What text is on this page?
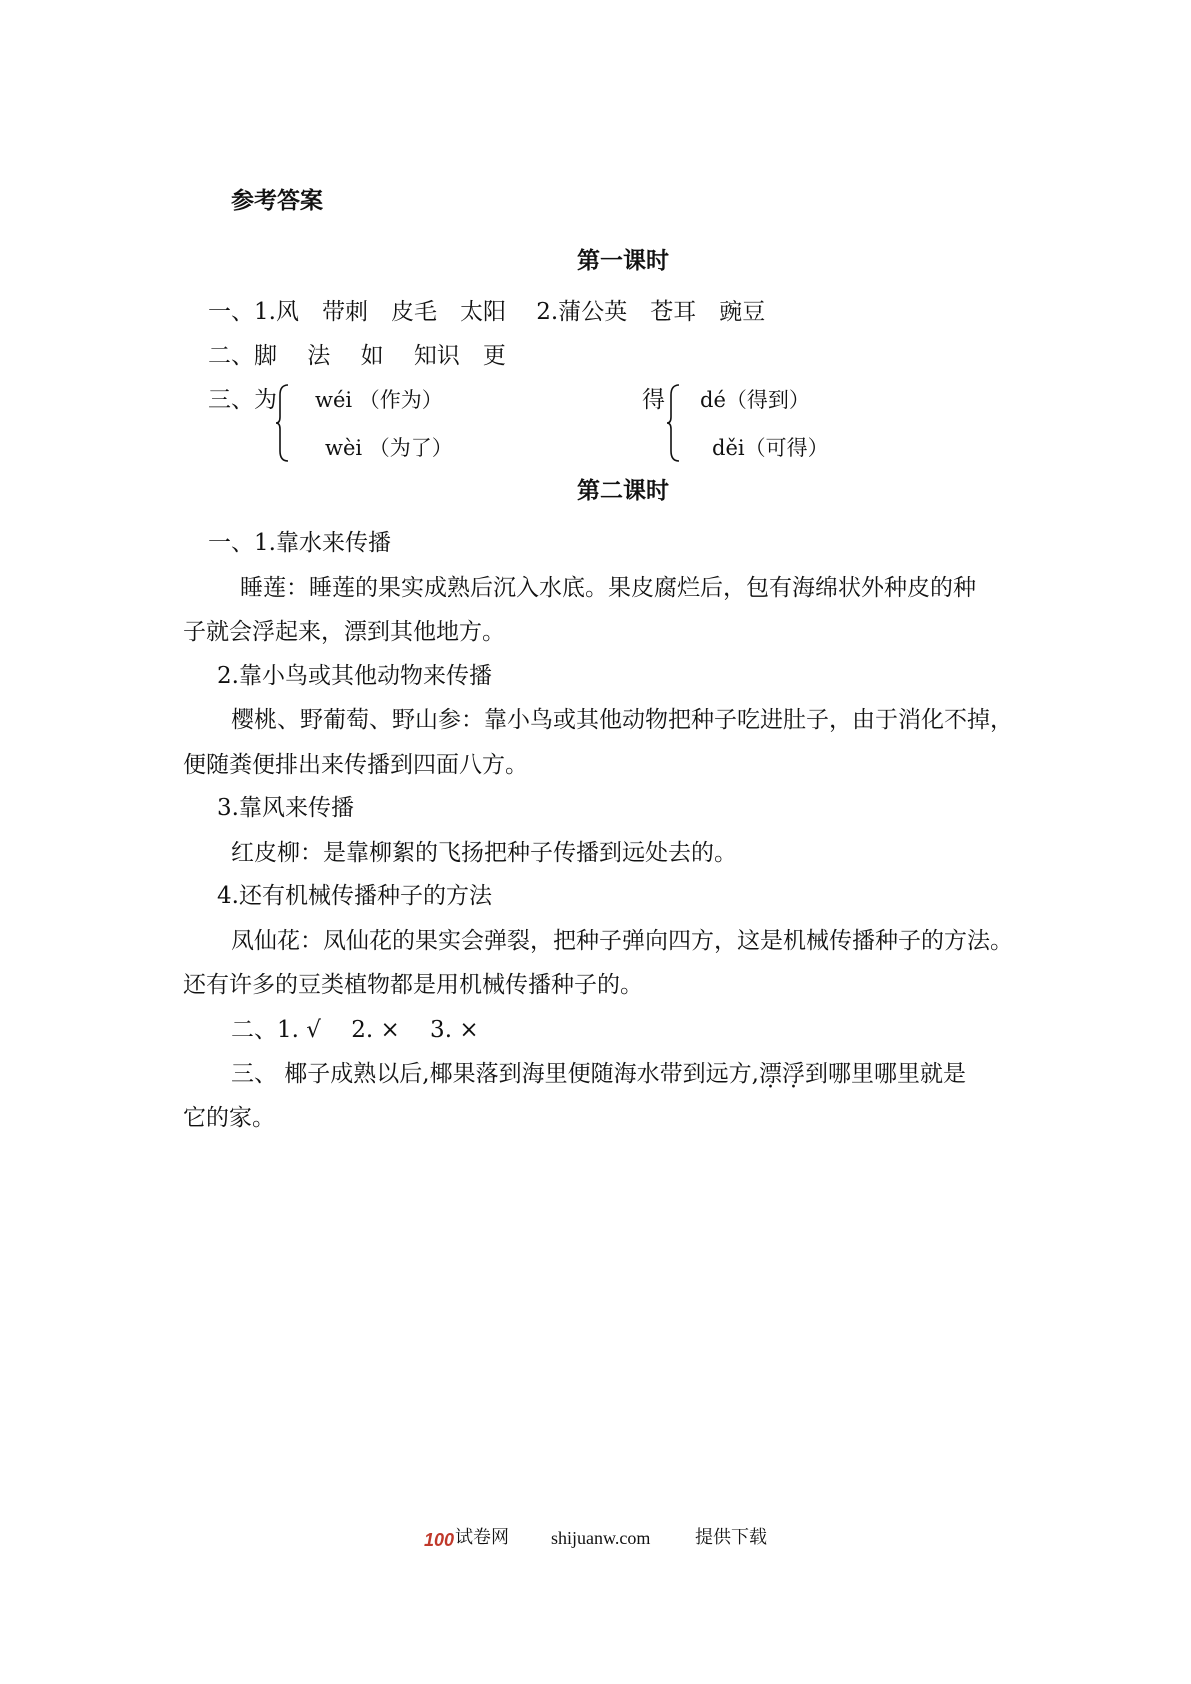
参考答案
第一课时
一、1.风　带刺　皮毛　太阳　 2.蒲公英　苍耳　豌豆
二、脚　 法　 如　 知识　更
三、为 wéi （作为）
wèi （为了）
得 dé（得到）
děi（可得）
第二课时
一、1.靠水来传播
睡莲：睡莲的果实成熟后沉入水底。果皮腐烂后，包有海绵状外种皮的种
子就会浮起来，漂到其他地方。
2.靠小鸟或其他动物来传播
樱桃、野葡萄、野山参：靠小鸟或其他动物把种子吃进肚子，由于消化不掉，
便随粪便排出来传播到四面八方。
3.靠风来传播
红皮柳：是靠柳絮的飞扬把种子传播到远处去的。
4.还有机械传播种子的方法
凤仙花：凤仙花的果实会弹裂，把种子弹向四方，这是机械传播种子的方法。
还有许多的豆类植物都是用机械传播种子的。
二、1. √　 2. ×　 3. ×
三、 椰子成熟以后,椰果落到海里便随海水带到远方,漂浮到哪里哪里就是
它的家。
100 试卷网 shijuanw.com 提供下载
